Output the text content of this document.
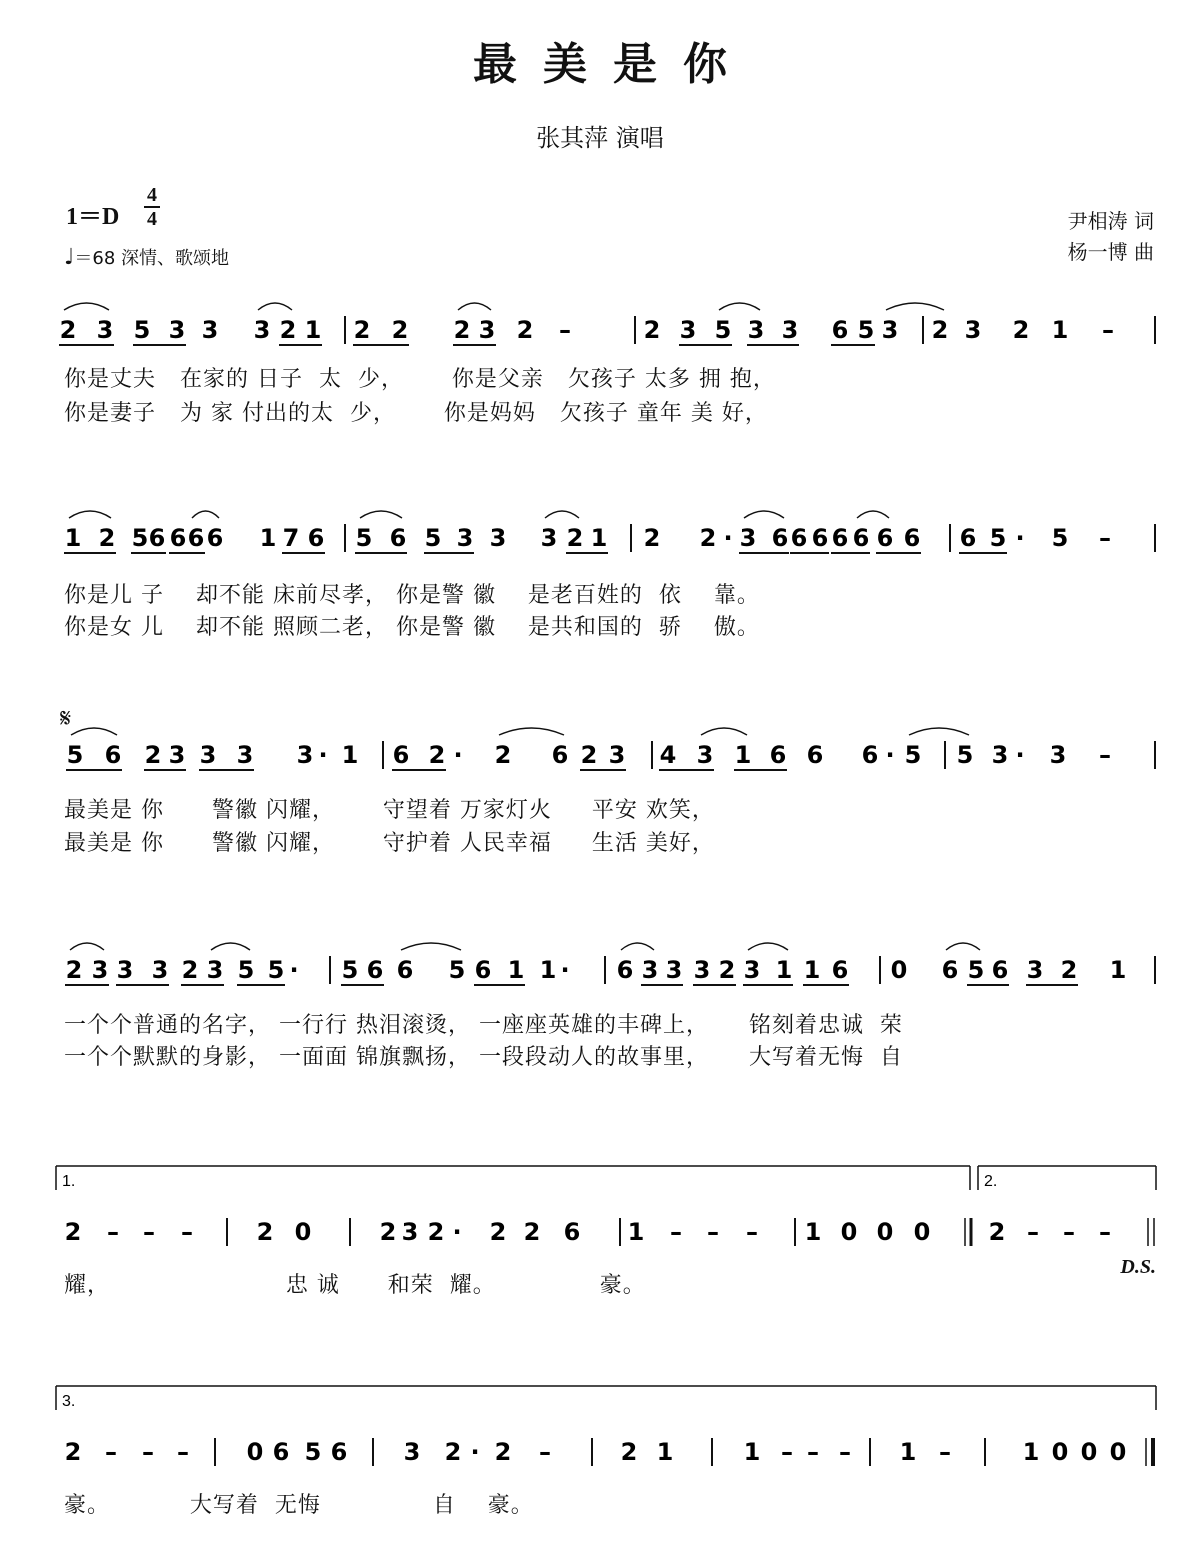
最美是你
张其萍 演唱
1＝D
4
4
♩＝68 深情、歌颂地
尹相涛 词
杨一博 曲
2 3 5 3 3 3 2 1 2 2 2 3 2 –	2 3 5 3 3 6 5 3 2 3 2 1 –
你是丈夫   在家的 日子  太  少，      你是父亲   欠孩子 太多 拥 抱，
你是妻子   为 家 付出的太  少，      你是妈妈   欠孩子 童年 美 好，
1 2 5 6 6 6 6 1 7 6 5 6 5 3 3 3 2 1 2 2 · 3 6 6 6 6 6 6 6 6 5 · 5 –
你是儿 子    却不能 床前尽孝， 你是警 徽    是老百姓的  依    靠。
你是女 儿    却不能 照顾二老， 你是警 徽    是共和国的  骄    傲。
𝄋
5 6 2 3 3 3 3 · 1 6 2 · 2 6 2 3 4 3 1 6 6 6 · 5 5 3 · 3 –
最美是 你      警徽 闪耀，      守望着 万家灯火     平安 欢笑，
最美是 你      警徽 闪耀，      守护着 人民幸福     生活 美好，
2 3 3 3 2 3 5 5 · 5 6 6 5 6 1 1 · 6 3 3 3 2 3 1 1 6 0 6 5 6 3 2 1
一个个普通的名字， 一行行 热泪滚烫， 一座座英雄的丰碑上，     铭刻着忠诚  荣
一个个默默的身影， 一面面 锦旗飘扬， 一段段动人的故事里，     大写着无悔  自
1.	2.
2 – – –	2 0	2 3 2 · 2 2 6 1 – – – 1 0 0 0 2 – – –
耀，                      忠 诚      和荣  耀。             豪。
D.S.
3.
2 – – – 0 6 5 6 3 2 · 2 –	2 1	1 – – – 1 –	1 0 0 0
豪。          大写着  无悔              自    豪。
